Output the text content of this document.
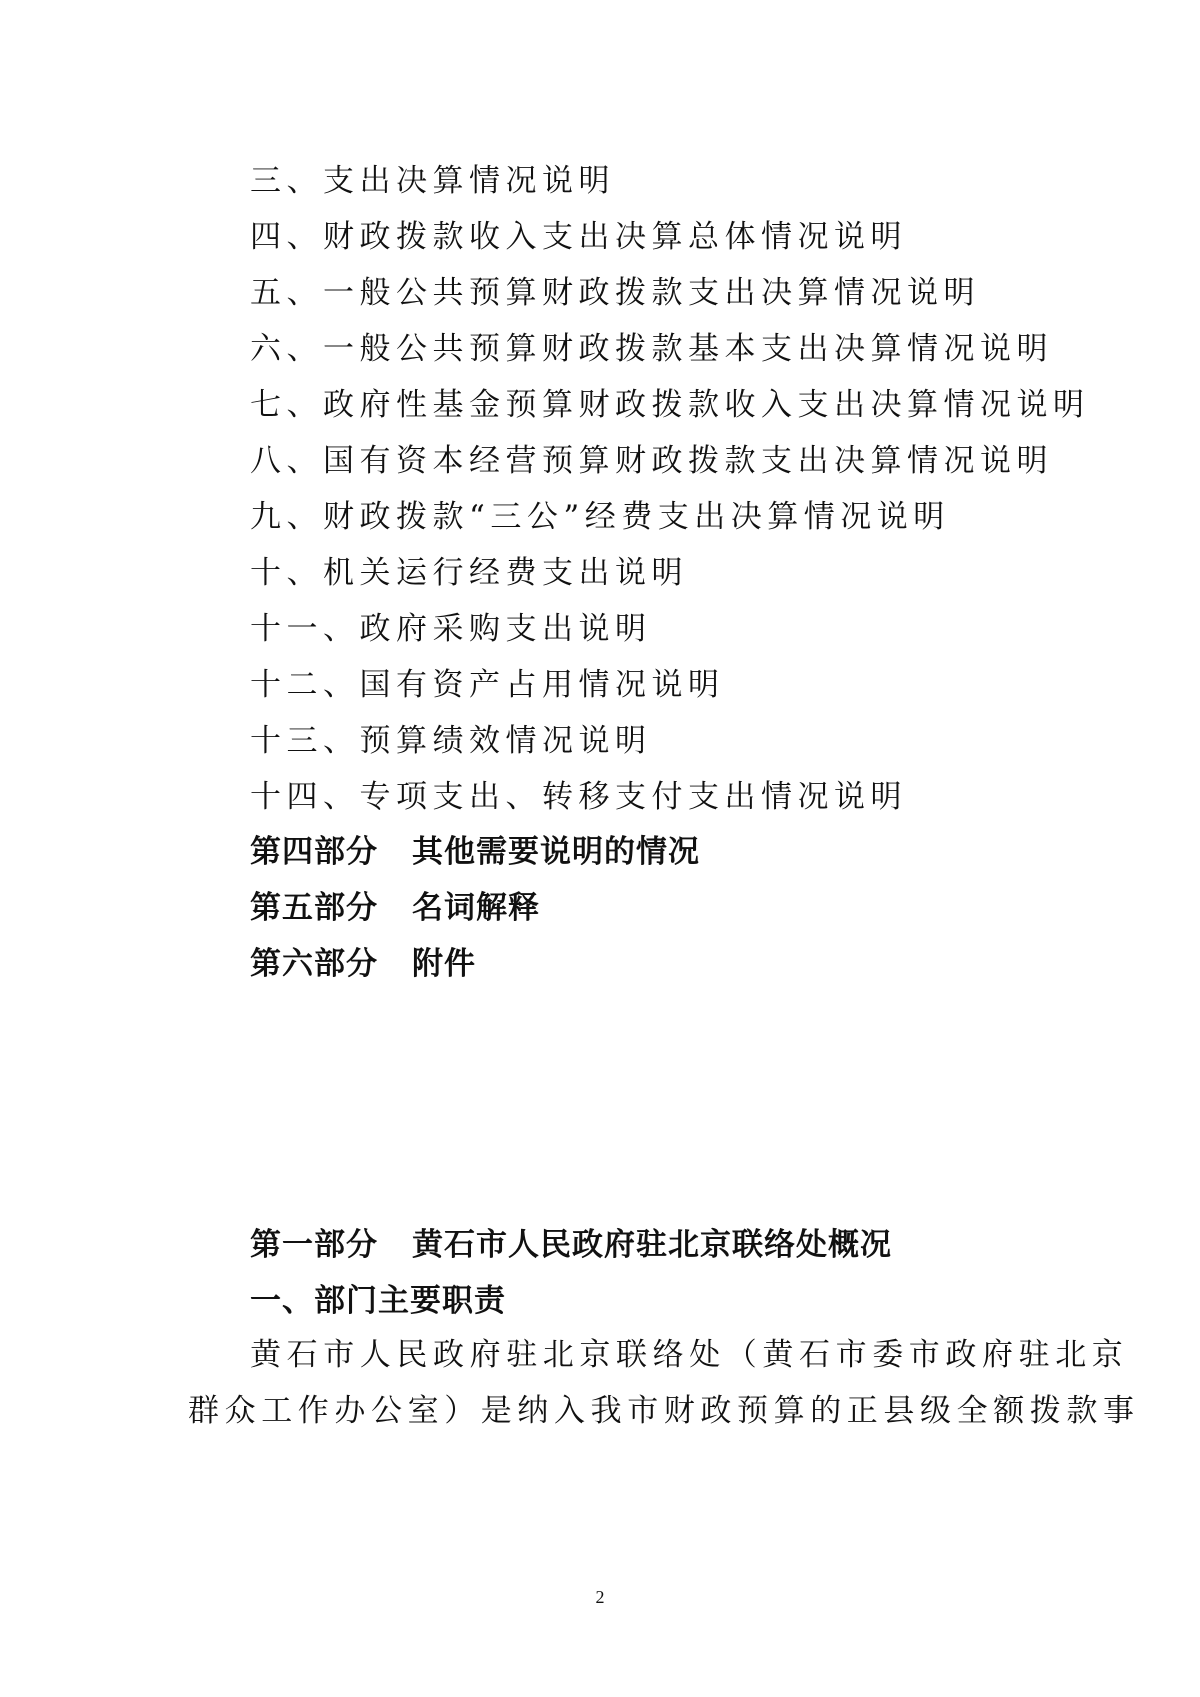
三、支出决算情况说明
四、财政拨款收入支出决算总体情况说明
五、一般公共预算财政拨款支出决算情况说明
六、一般公共预算财政拨款基本支出决算情况说明
七、政府性基金预算财政拨款收入支出决算情况说明
八、国有资本经营预算财政拨款支出决算情况说明
九、财政拨款“三公”经费支出决算情况说明
十、机关运行经费支出说明
十一、政府采购支出说明
十二、国有资产占用情况说明
十三、预算绩效情况说明
十四、专项支出、转移支付支出情况说明
第四部分 其他需要说明的情况
第五部分 名词解释
第六部分 附件
第一部分 黄石市人民政府驻北京联络处概况
一、部门主要职责
黄石市人民政府驻北京联络处（黄石市委市政府驻北京
群众工作办公室）是纳入我市财政预算的正县级全额拨款事
2
